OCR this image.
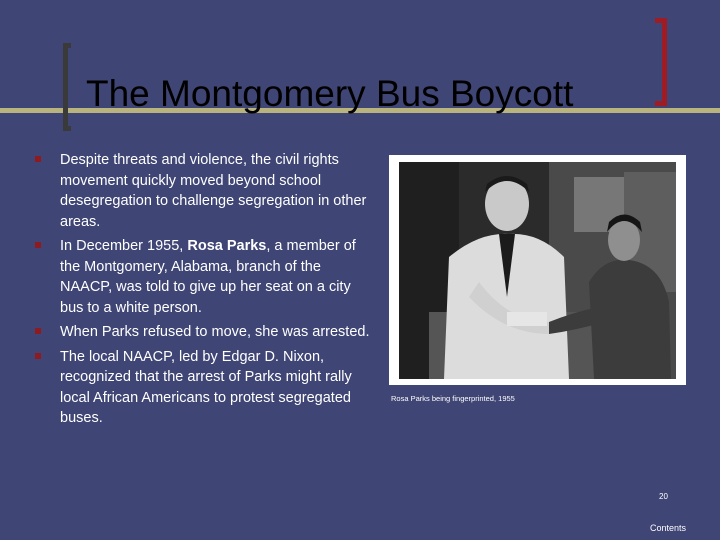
The Montgomery Bus Boycott
Despite threats and violence, the civil rights movement quickly moved beyond school desegregation to challenge segregation in other areas.
In December 1955, Rosa Parks, a member of the Montgomery, Alabama, branch of the NAACP, was told to give up her seat on a city bus to a white person.
When Parks refused to move, she was arrested.
The local NAACP, led by Edgar D. Nixon, recognized that the arrest of Parks might rally local African Americans to protest segregated buses.
Rosa Parks being fingerprinted, 1955
20
Contents
